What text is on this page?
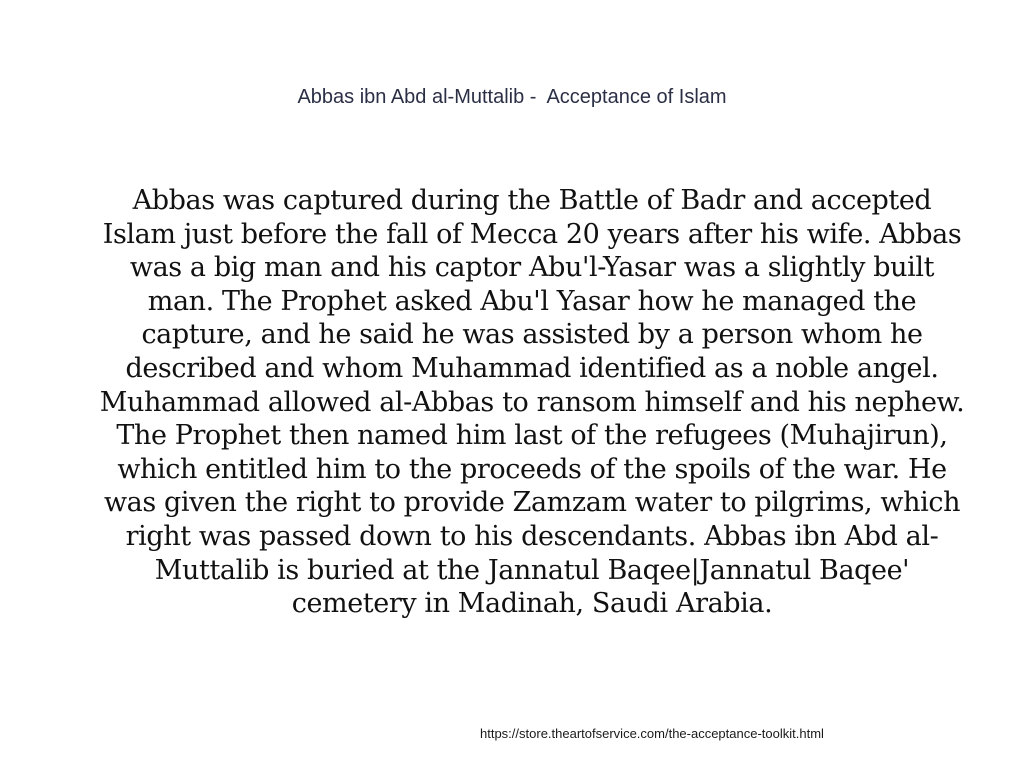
Abbas ibn Abd al-Muttalib -  Acceptance of Islam

Abbas was captured during the Battle of Badr and accepted Islam just before the fall of Mecca 20 years after his wife. Abbas was a big man and his captor Abu'l-Yasar was a slightly built man. The Prophet asked Abu'l Yasar how he managed the capture, and he said he was assisted by a person whom he described and whom Muhammad identified as a noble angel. Muhammad allowed al-Abbas to ransom himself and his nephew. The Prophet then named him last of the refugees (Muhajirun), which entitled him to the proceeds of the spoils of the war. He was given the right to provide Zamzam water to pilgrims, which right was passed down to his descendants. Abbas ibn Abd al-Muttalib is buried at the Jannatul Baqee|Jannatul Baqee' cemetery in Madinah, Saudi Arabia.

https://store.theartofservice.com/the-acceptance-toolkit.html
